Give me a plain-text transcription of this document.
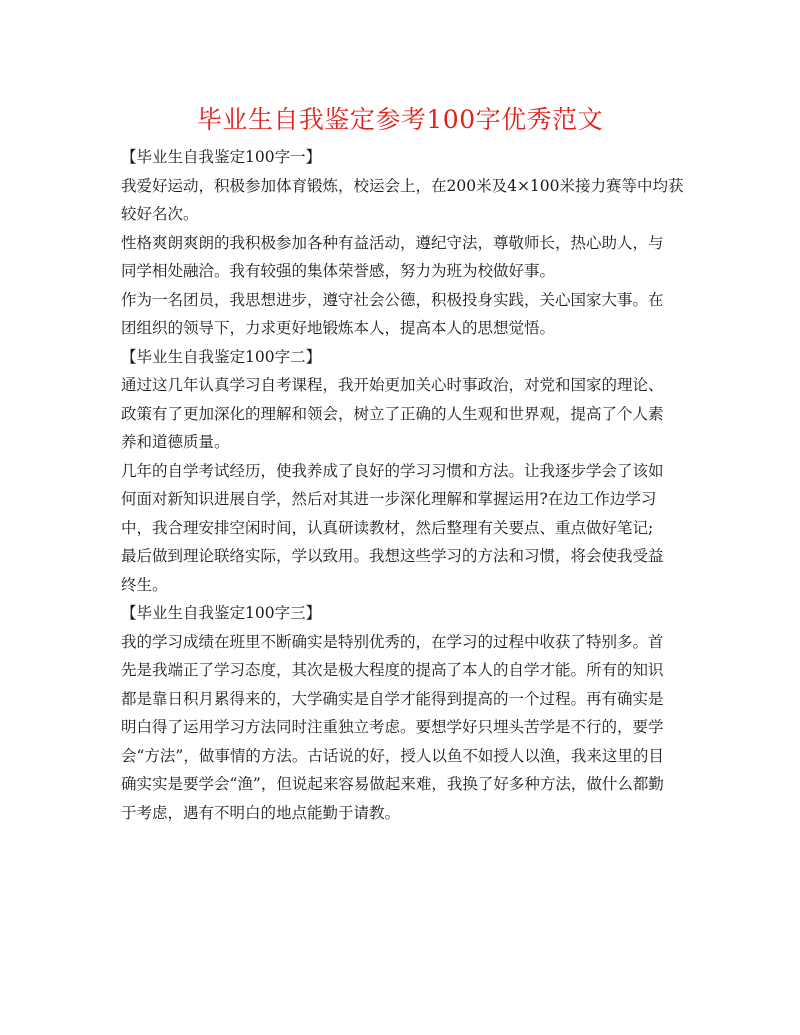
毕业生自我鉴定参考100字优秀范文
【毕业生自我鉴定100字一】
我爱好运动，积极参加体育锻炼，校运会上，在200米及4×100米接力赛等中均获
较好名次。
性格爽朗爽朗的我积极参加各种有益活动，遵纪守法，尊敬师长，热心助人，与
同学相处融洽。我有较强的集体荣誉感，努力为班为校做好事。
作为一名团员，我思想进步，遵守社会公德，积极投身实践，关心国家大事。在
团组织的领导下，力求更好地锻炼本人，提高本人的思想觉悟。
【毕业生自我鉴定100字二】
通过这几年认真学习自考课程，我开始更加关心时事政治，对党和国家的理论、
政策有了更加深化的理解和领会，树立了正确的人生观和世界观，提高了个人素
养和道德质量。
几年的自学考试经历，使我养成了良好的学习习惯和方法。让我逐步学会了该如
何面对新知识进展自学，然后对其进一步深化理解和掌握运用?在边工作边学习
中，我合理安排空闲时间，认真研读教材，然后整理有关要点、重点做好笔记;
最后做到理论联络实际，学以致用。我想这些学习的方法和习惯，将会使我受益
终生。
【毕业生自我鉴定100字三】
我的学习成绩在班里不断确实是特别优秀的，在学习的过程中收获了特别多。首
先是我端正了学习态度，其次是极大程度的提高了本人的自学才能。所有的知识
都是靠日积月累得来的，大学确实是自学才能得到提高的一个过程。再有确实是
明白得了运用学习方法同时注重独立考虑。要想学好只埋头苦学是不行的，要学
会“方法”，做事情的方法。古话说的好，授人以鱼不如授人以渔，我来这里的目
确实实是要学会“渔”，但说起来容易做起来难，我换了好多种方法，做什么都勤
于考虑，遇有不明白的地点能勤于请教。
